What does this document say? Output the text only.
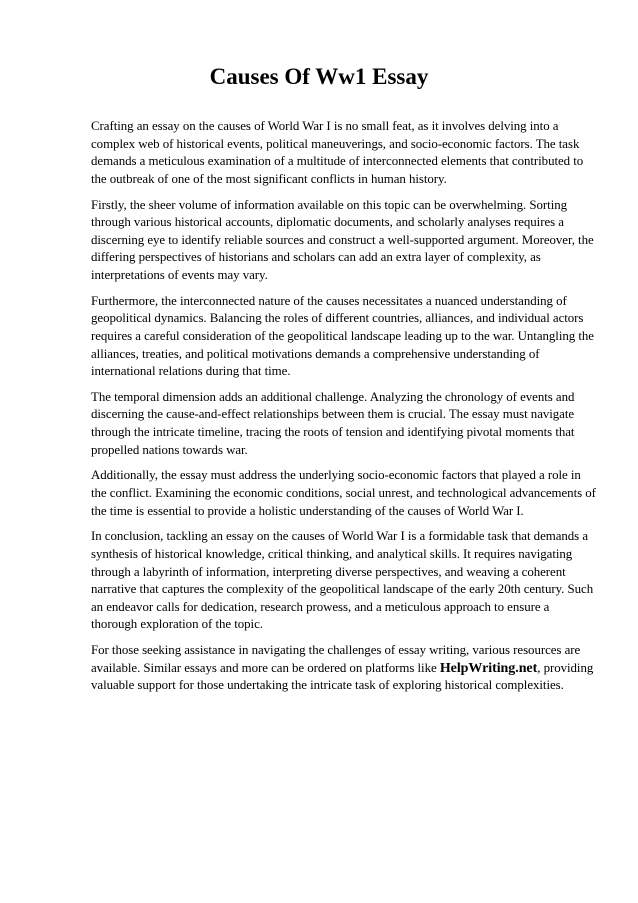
Causes Of Ww1 Essay

Crafting an essay on the causes of World War I is no small feat, as it involves delving into a complex web of historical events, political maneuverings, and socio-economic factors. The task demands a meticulous examination of a multitude of interconnected elements that contributed to the outbreak of one of the most significant conflicts in human history.

Firstly, the sheer volume of information available on this topic can be overwhelming. Sorting through various historical accounts, diplomatic documents, and scholarly analyses requires a discerning eye to identify reliable sources and construct a well-supported argument. Moreover, the differing perspectives of historians and scholars can add an extra layer of complexity, as interpretations of events may vary.

Furthermore, the interconnected nature of the causes necessitates a nuanced understanding of geopolitical dynamics. Balancing the roles of different countries, alliances, and individual actors requires a careful consideration of the geopolitical landscape leading up to the war. Untangling the alliances, treaties, and political motivations demands a comprehensive understanding of international relations during that time.

The temporal dimension adds an additional challenge. Analyzing the chronology of events and discerning the cause-and-effect relationships between them is crucial. The essay must navigate through the intricate timeline, tracing the roots of tension and identifying pivotal moments that propelled nations towards war.

Additionally, the essay must address the underlying socio-economic factors that played a role in the conflict. Examining the economic conditions, social unrest, and technological advancements of the time is essential to provide a holistic understanding of the causes of World War I.

In conclusion, tackling an essay on the causes of World War I is a formidable task that demands a synthesis of historical knowledge, critical thinking, and analytical skills. It requires navigating through a labyrinth of information, interpreting diverse perspectives, and weaving a coherent narrative that captures the complexity of the geopolitical landscape of the early 20th century. Such an endeavor calls for dedication, research prowess, and a meticulous approach to ensure a thorough exploration of the topic.

For those seeking assistance in navigating the challenges of essay writing, various resources are available. Similar essays and more can be ordered on platforms like HelpWriting.net, providing valuable support for those undertaking the intricate task of exploring historical complexities.
